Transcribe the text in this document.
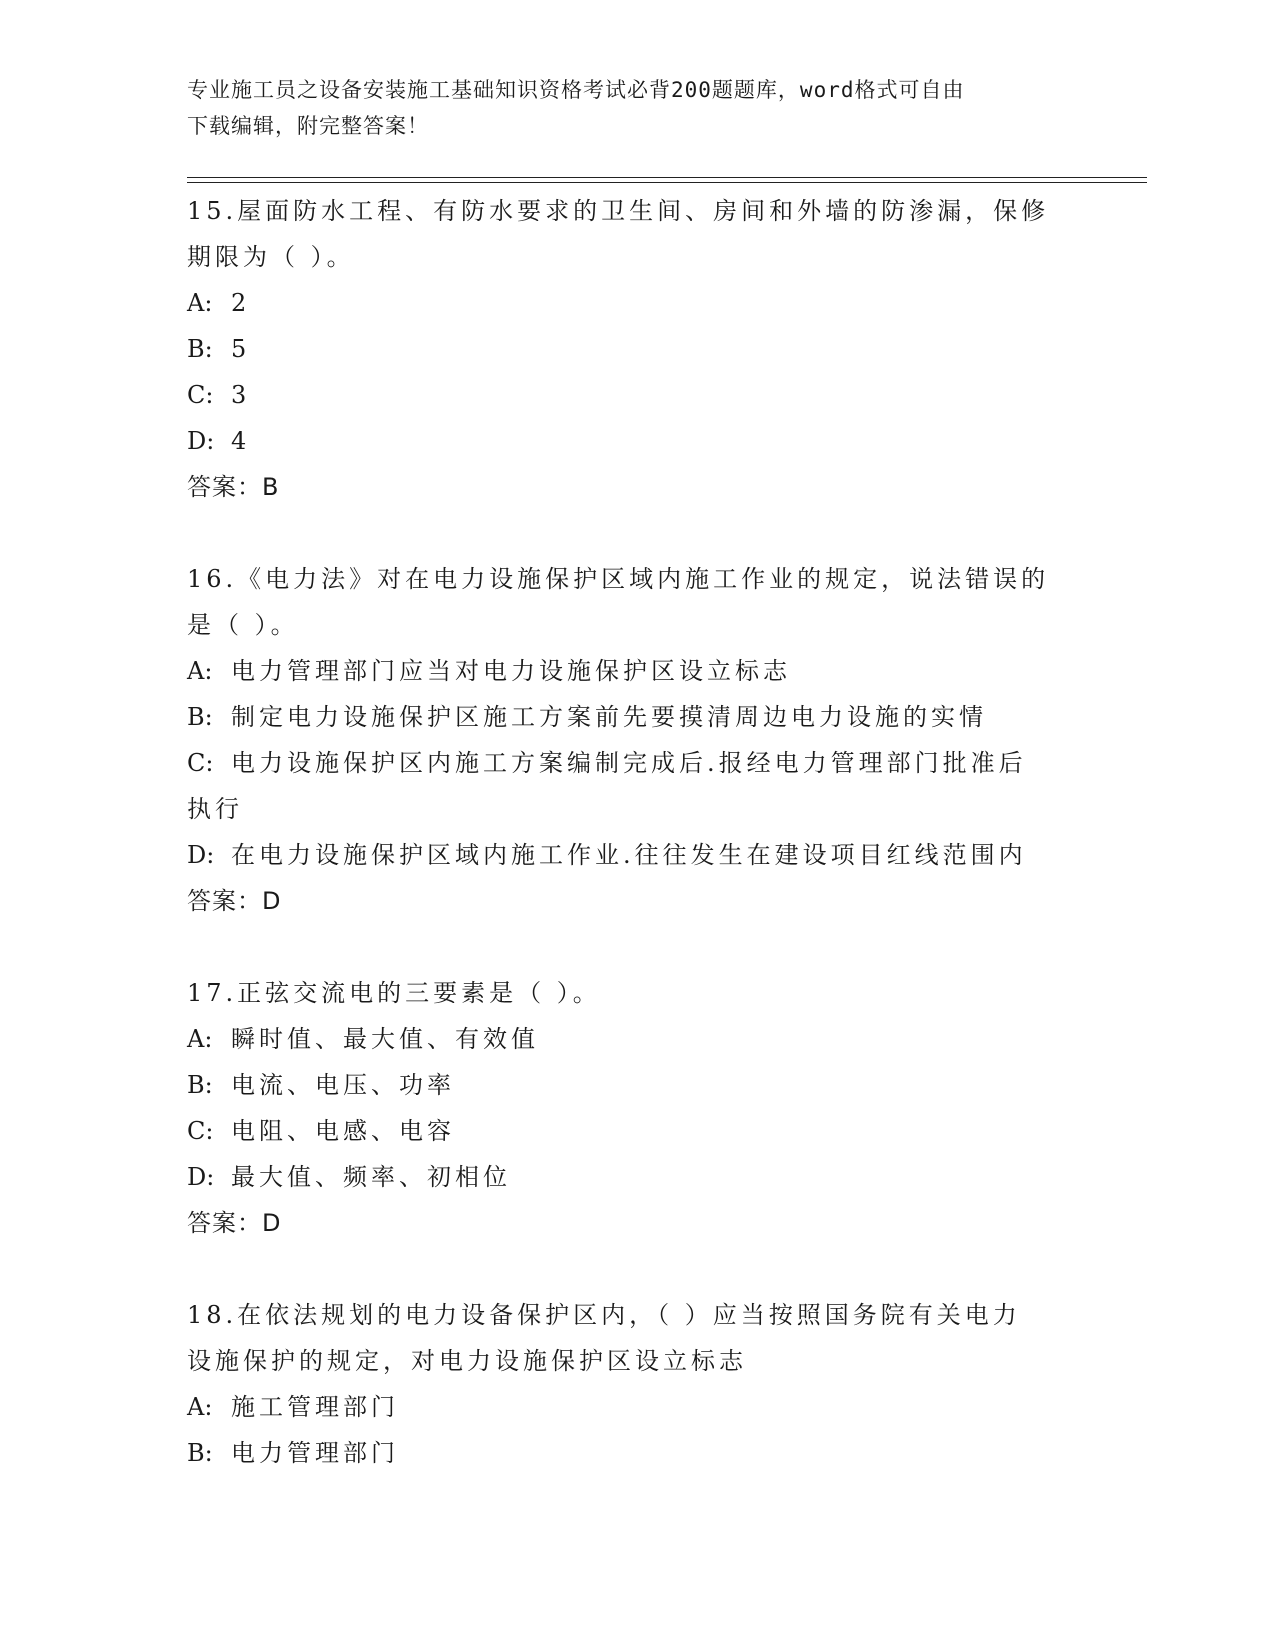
专业施工员之设备安装施工基础知识资格考试必背200题题库，word格式可自由
下载编辑，附完整答案！
15.屋面防水工程、有防水要求的卫生间、房间和外墙的防渗漏，保修
期限为（ ）。
A: 2
B: 5
C: 3
D: 4
答案：B
16.《电力法》对在电力设施保护区域内施工作业的规定，说法错误的
是（ ）。
A: 电力管理部门应当对电力设施保护区设立标志
B: 制定电力设施保护区施工方案前先要摸清周边电力设施的实情
C: 电力设施保护区内施工方案编制完成后.报经电力管理部门批准后
执行
D: 在电力设施保护区域内施工作业.往往发生在建设项目红线范围内
答案：D
17.正弦交流电的三要素是（ ）。
A: 瞬时值、最大值、有效值
B: 电流、电压、功率
C: 电阻、电感、电容
D: 最大值、频率、初相位
答案：D
18.在依法规划的电力设备保护区内，（ ）应当按照国务院有关电力
设施保护的规定，对电力设施保护区设立标志
A: 施工管理部门
B: 电力管理部门
